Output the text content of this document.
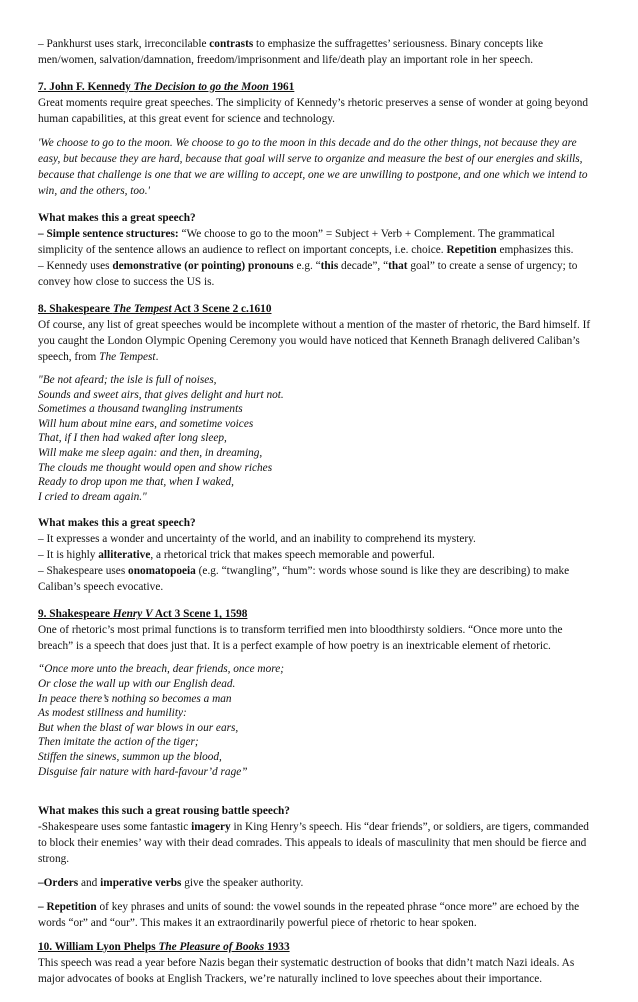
– Pankhurst uses stark, irreconcilable contrasts to emphasize the suffragettes’ seriousness. Binary concepts like men/women, salvation/damnation, freedom/imprisonment and life/death play an important role in her speech.

7. John F. Kennedy The Decision to go the Moon 1961

Great moments require great speeches. The simplicity of Kennedy’s rhetoric preserves a sense of wonder at going beyond human capabilities, at this great event for science and technology.

'We choose to go to the moon. We choose to go to the moon in this decade and do the other things, not because they are easy, but because they are hard, because that goal will serve to organize and measure the best of our energies and skills, because that challenge is one that we are willing to accept, one we are unwilling to postpone, and one which we intend to win, and the others, too.'

What makes this a great speech?

– Simple sentence structures: “We choose to go to the moon” = Subject + Verb + Complement. The grammatical simplicity of the sentence allows an audience to reflect on important concepts, i.e. choice. Repetition emphasizes this.

– Kennedy uses demonstrative (or pointing) pronouns e.g. “this decade”, “that goal” to create a sense of urgency; to convey how close to success the US is.

8. Shakespeare The Tempest Act 3 Scene 2 c.1610

Of course, any list of great speeches would be incomplete without a mention of the master of rhetoric, the Bard himself. If you caught the London Olympic Opening Ceremony you would have noticed that Kenneth Branagh delivered Caliban’s speech, from The Tempest.

"Be not afeard; the isle is full of noises,

Sounds and sweet airs, that gives delight and hurt not.

Sometimes a thousand twangling instruments

Will hum about mine ears, and sometime voices

That, if I then had waked after long sleep,

Will make me sleep again: and then, in dreaming,

The clouds me thought would open and show riches

Ready to drop upon me that, when I waked,

I cried to dream again."

What makes this a great speech?

– It expresses a wonder and uncertainty of the world, and an inability to comprehend its mystery.

– It is highly alliterative, a rhetorical trick that makes speech memorable and powerful.

– Shakespeare uses onomatopoeia (e.g. “twangling”, “hum”: words whose sound is like they are describing) to make Caliban’s speech evocative.

9. Shakespeare Henry V Act 3 Scene 1, 1598

One of rhetoric’s most primal functions is to transform terrified men into bloodthirsty soldiers. “Once more unto the breach” is a speech that does just that. It is a perfect example of how poetry is an inextricable element of rhetoric.

“Once more unto the breach, dear friends, once more;

Or close the wall up with our English dead.

In peace there’s nothing so becomes a man

As modest stillness and humility:

But when the blast of war blows in our ears,

Then imitate the action of the tiger;

Stiffen the sinews, summon up the blood,

Disguise fair nature with hard-favour’d rage”

What makes this such a great rousing battle speech?

-Shakespeare uses some fantastic imagery in King Henry’s speech. His “dear friends”, or soldiers, are tigers, commanded to block their enemies’ way with their dead comrades. This appeals to ideals of masculinity that men should be fierce and strong.

–Orders and imperative verbs give the speaker authority.

– Repetition of key phrases and units of sound: the vowel sounds in the repeated phrase “once more” are echoed by the words “or” and “our”. This makes it an extraordinarily powerful piece of rhetoric to hear spoken.

10. William Lyon Phelps The Pleasure of Books 1933

This speech was read a year before Nazis began their systematic destruction of books that didn’t match Nazi ideals. As major advocates of books at English Trackers, we’re naturally inclined to love speeches about their importance.
